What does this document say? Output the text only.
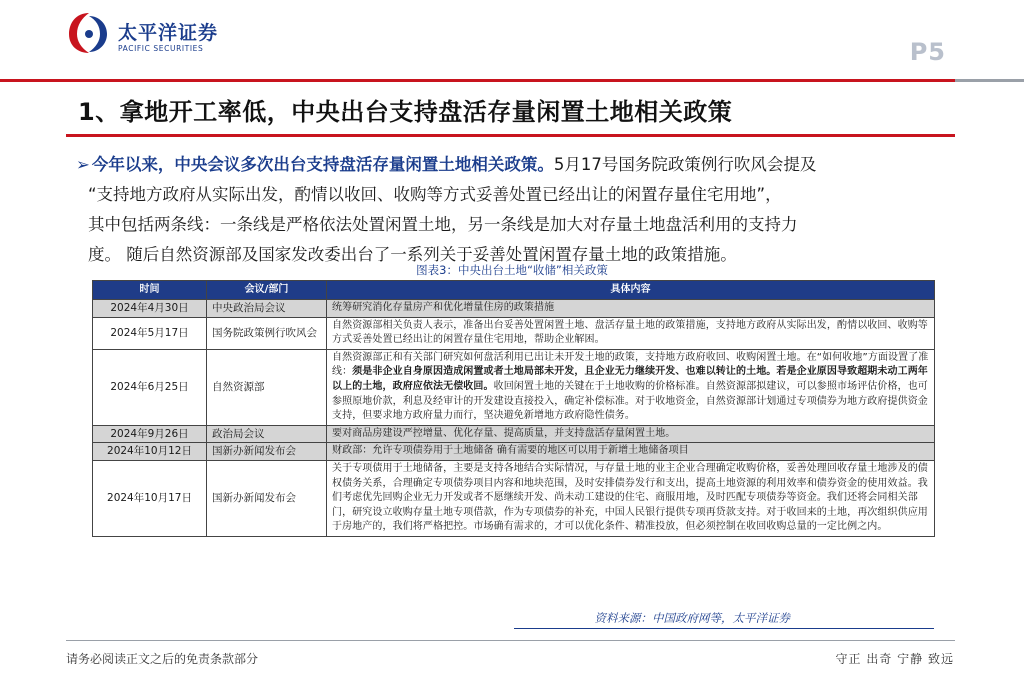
太平洋证券
PACIFIC SECURITIES	P5
1、拿地开工率低，中央出台支持盘活存量闲置土地相关政策
➢ 今年以来，中央会议多次出台支持盘活存量闲置土地相关政策。5月17号国务院政策例行吹风会提及
“支持地方政府从实际出发，酌情以收回、收购等方式妥善处置已经出让的闲置存量住宅用地”，
其中包括两条线：一条线是严格依法处置闲置土地，另一条线是加大对存量土地盘活利用的支持力
度。 随后自然资源部及国家发改委出台了一系列关于妥善处置闲置存量土地的政策措施。
图表3：中央出台土地“收储”相关政策
时间	会议/部门	具体内容
2024年4月30日	中央政治局会议	统筹研究消化存量房产和优化增量住房的政策措施
2024年5月17日	国务院政策例行吹风会	自然资源部相关负责人表示，准备出台妥善处置闲置土地、盘活存量土地的政策措施，支持地方政府从实际出发，酌情以收回、收购等方式妥善处置已经出让的闲置存量住宅用地，帮助企业解困。
2024年6月25日	自然资源部	自然资源部正和有关部门研究如何盘活利用已出让未开发土地的政策，支持地方政府收回、收购闲置土地。在“如何收地”方面设置了准线：须是非企业自身原因造成闲置或者土地局部未开发，且企业无力继续开发、也难以转让的土地。若是企业原因导致超期未动工两年以上的土地，政府应依法无偿收回。收回闲置土地的关键在于土地收购的价格标准。自然资源部拟建议，可以参照市场评估价格，也可参照原地价款，利息及经审计的开发建设直接投入，确定补偿标准。对于收地资金，自然资源部计划通过专项债券为地方政府提供资金支持，但要求地方政府量力而行，坚决避免新增地方政府隐性债务。
2024年9月26日	政治局会议	要对商品房建设严控增量、优化存量、提高质量，并支持盘活存量闲置土地。
2024年10月12日	国新办新闻发布会	财政部：允许专项债券用于土地储备 确有需要的地区可以用于新增土地储备项目
2024年10月17日	国新办新闻发布会	关于专项债用于土地储备，主要是支持各地结合实际情况，与存量土地的业主企业合理确定收购价格，妥善处理回收存量土地涉及的债权债务关系，合理确定专项债券项目内容和地块范围，及时安排债券发行和支出，提高土地资源的利用效率和债券资金的使用效益。我们考虑优先回购企业无力开发或者不愿继续开发、尚未动工建设的住宅、商服用地，及时匹配专项债券等资金。我们还将会同相关部门，研究设立收购存量土地专项借款，作为专项债券的补充，中国人民银行提供专项再贷款支持。对于收回来的土地，再次组织供应用于房地产的，我们将严格把控。市场确有需求的，才可以优化条件、精准投放，但必须控制在收回收购总量的一定比例之内。
资料来源：中国政府网等，太平洋证券
请务必阅读正文之后的免责条款部分	守正 出奇 宁静 致远
